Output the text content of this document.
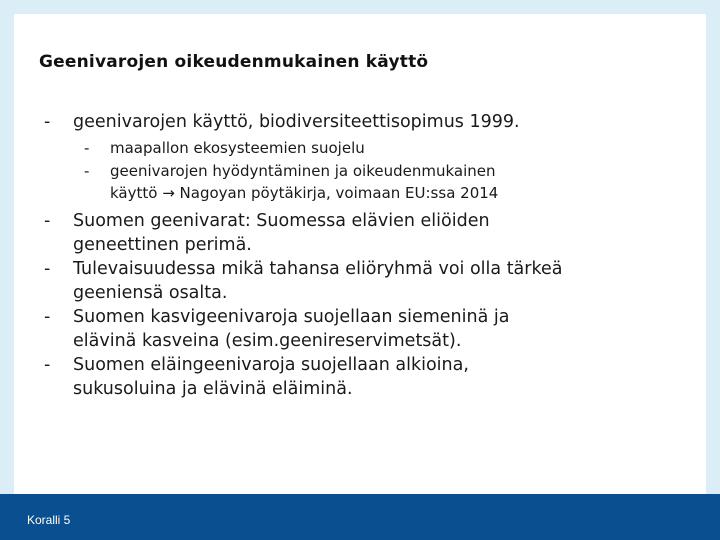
Geenivarojen oikeudenmukainen käyttö
- geenivarojen käyttö, biodiversiteettisopimus 1999.
- maapallon ekosysteemien suojelu
- geenivarojen hyödyntäminen ja oikeudenmukainen
käyttö → Nagoyan pöytäkirja, voimaan EU:ssa 2014
- Suomen geenivarat: Suomessa elävien eliöiden
geneettinen perimä.
- Tulevaisuudessa mikä tahansa eliöryhmä voi olla tärkeä
geeniensä osalta.
- Suomen kasvigeenivaroja suojellaan siemeninä ja
elävinä kasveina (esim.geenireservimetsät).
- Suomen eläingeenivaroja suojellaan alkioina,
sukusoluina ja elävinä eläiminä.
Koralli 5
